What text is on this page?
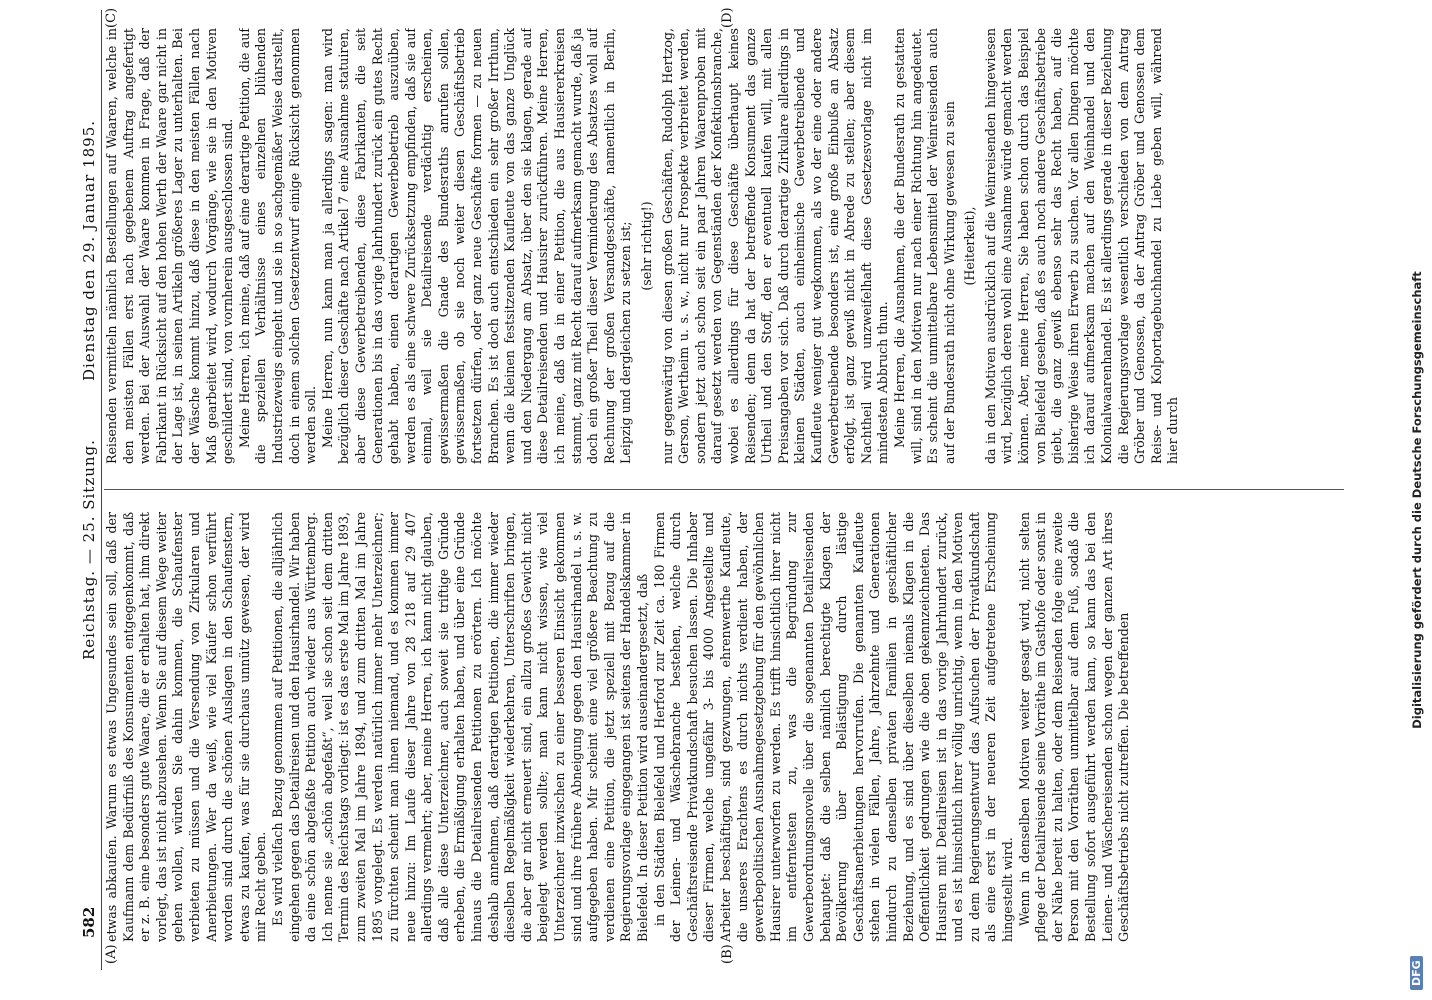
582
Reichstag. — 25. Sitzung.
Dienstag den 29. Januar 1895.
(A)	(B)
(C)	(D)

etwas abkaufen. Warum es etwas Ungesundes sein soll, daß der Kaufmann dem Bedürfniß des Konsumenten entgegenkommt, daß er z. B. eine besonders gute Waare, die er erhalten hat, ihm direkt vorlegt, das ist nicht abzusehen. Wenn Sie auf diesem Wege weiter gehen wollen, würden Sie dahin kommen, die Schaufenster verbieten zu müssen und die Versendung von Zirkularen und Anerbietungen. Wer da weiß, wie viel Käufer schon verführt worden sind durch die schönen Auslagen in den Schaufenstern, etwas zu kaufen, was für sie durchaus unnütz gewesen, der wird mir Recht geben. Es wird vielfach Bezug genommen auf Petitionen, die alljährlich eingehen gegen das Detailreisen und den Hausirhandel. Wir haben da eine schön abgefaßte Petition auch wieder aus Württemberg. Ich nenne sie „schön abgefaßt“, weil sie schon seit dem dritten Termin des Reichstags vorliegt: ist es das erste Mal im Jahre 1893, zum zweiten Mal im Jahre 1894, und zum dritten Mal im Jahre 1895 vorgelegt. Es werden natürlich immer mehr Unterzeichner; zu fürchten scheint man ihnen niemand, und es kommen immer neue hinzu: Im Laufe dieser Jahre von 28 218 auf 29 407 allerdings vermehrt; aber, meine Herren, ich kann nicht glauben, daß alle diese Unterzeichner, auch soweit sie triftige Gründe erheben, die Ermäßigung erhalten haben, und über eine Gründe hinaus die Detailreisenden Petitionen zu erörtern. Ich möchte deshalb annehmen, daß derartigen Petitionen, die immer wieder dieselben Regelmäßigkeit wiederkehren, Unterschriften bringen, die aber gar nicht erneuert sind, ein allzu großes Gewicht nicht beigelegt werden sollte; man kann nicht wissen, wie viel Unterzeichner inzwischen zu einer besseren Einsicht gekommen sind und ihre frühere Abneigung gegen den Hausirhandel u. s. w. aufgegeben haben. Mir scheint eine viel größere Beachtung zu verdienen eine Petition, die jetzt speziell mit Bezug auf die Regierungsvorlage eingegangen ist seitens der Handelskammer in Bielefeld. In dieser Petition wird auseinandergesetzt, daß in den Städten Bielefeld und Herford zur Zeit ca. 180 Firmen der Leinen- und Wäschebranche bestehen, welche durch Geschäftsreisende Privatkundschaft besuchen lassen. Die Inhaber dieser Firmen, welche ungefähr 3- bis 4000 Angestellte und Arbeiter beschäftigen, sind gezwungen, ehrenwerthe Kaufleute, die unseres Erachtens es durch nichts verdient haben, der gewerbepolitischen Ausnahmegesetzgebung für den gewöhnlichen Hausirer unterworfen zu werden. Es trifft hinsichtlich ihrer nicht im entferntesten zu, was die Begründung zur Gewerbeordnungsnovelle über die sogenannten Detailreisenden behauptet: daß die selben nämlich berechtigte Klagen der Bevölkerung über Belästigung durch lästige Geschäftsanerbietungen hervorrufen. Die genannten Kaufleute stehen in vielen Fällen, Jahre, Jahrzehnte und Generationen hindurch zu denselben privaten Familien in geschäftlicher Beziehung, und es sind über dieselben niemals Klagen in die Oeffentlichkeit gedrungen wie die oben gekennzeichneten. Das Hausiren mit Detailreisen ist in das vorige Jahrhundert zurück, und es ist hinsichtlich ihrer völlig unrichtig, wenn in den Motiven zu dem Regierungsentwurf das Aufsuchen der Privatkundschaft als eine erst in der neueren Zeit aufgetretene Erscheinung hingestellt wird. Wenn in denselben Motiven weiter gesagt wird, nicht selten pflege der Detailreisende seine Vorräthe im Gasthofe oder sonst in der Nähe bereit zu halten, oder dem Reisenden folge eine zweite Person mit den Vorräthen unmittelbar auf dem Fuß, sodaß die Bestellung sofort ausgeführt werden kann, so kann das bei den Leinen- und Wäschereisenden schon wegen der ganzen Art ihres Geschäftsbetriebs nicht zutreffen. Die betreffenden

Reisenden vermitteln nämlich Bestellungen auf Waaren, welche in den meisten Fällen erst nach gegebenem Auftrag angefertigt werden. Bei der Auswahl der Waare kommen in Frage, daß der Fabrikant in Rücksicht auf den hohen Werth der Waare gar nicht in der Lage ist, in seinen Artikeln größeres Lager zu unterhalten. Bei der Wäsche kommt hinzu, daß diese in den meisten Fällen nach Maß gearbeitet wird, wodurch Vorgänge, wie sie in den Motiven geschildert sind, von vornherein ausgeschlossen sind. Meine Herren, ich meine, daß auf eine derartige Petition, die auf die speziellen Verhältnisse eines einzelnen blühenden Industriezweigs eingeht und sie in so sachgemäßer Weise darstellt, doch in einem solchen Gesetzentwurf einige Rücksicht genommen werden soll. Meine Herren, nun kann man ja allerdings sagen: man wird bezüglich dieser Geschäfte nach Artikel 7 eine Ausnahme statuiren, aber diese Gewerbetreibenden, diese Fabrikanten, die seit Generationen bis in das vorige Jahrhundert zurück ein gutes Recht gehabt haben, einen derartigen Gewerbebetrieb auszuüben, werden es als eine schwere Zurücksetzung empfinden, daß sie auf einmal, weil sie Detailreisende verdächtig erscheinen, gewissermaßen die Gnade des Bundesraths anrufen sollen, gewissermaßen, ob sie noch weiter diesen Geschäftsbetrieb fortsetzen dürfen, oder ganz neue Geschäfte formen — zu neuen Branchen. Es ist doch auch entschieden ein sehr großer Irrthum, wenn die kleinen festsitzenden Kaufleute von das ganze Unglück und den Niedergang am Absatz, über den sie klagen, gerade auf diese Detailreisenden und Hausirer zurückführen. Meine Herren, ich meine, daß da in einer Petition, die aus Hausiererkreisen stammt, ganz mit Recht darauf aufmerksam gemacht wurde, daß ja doch ein großer Theil dieser Verminderung des Absatzes wohl auf Rechnung der großen Versandgeschäfte, namentlich in Berlin, Leipzig und dergleichen zu setzen ist; (sehr richtig!) nur gegenwärtig von diesen großen Geschäften, Rudolph Hertzog, Gerson, Wertheim u. s. w., nicht nur Prospekte verbreitet werden, sondern jetzt auch schon seit ein paar Jahren Waarenproben mit darauf gesetzt werden von Gegenständen der Konfektionsbranche, wobei es allerdings für diese Geschäfte überhaupt keines Reisenden; denn da hat der betreffende Konsument das ganze Urtheil und den Stoff, den er eventuell kaufen will, mit allen Preisangaben vor sich. Daß durch derartige Zirkulare allerdings in kleinen Städten, auch einheimische Gewerbetreibende und Kaufleute weniger gut wegkommen, als wo der eine oder andere Gewerbetreibende besonders ist, eine große Einbuße an Absatz erfolgt, ist ganz gewiß nicht in Abrede zu stellen; aber diesem Nachtheil wird unzweifelhaft diese Gesetzesvorlage nicht im mindesten Abbruch thun. Meine Herren, die Ausnahmen, die der Bundesrath zu gestatten will, sind in den Motiven nur nach einer Richtung hin angedeutet. Es scheint die unmittelbare Lebensmittel der Weinreisenden auch auf der Bundesrath nicht ohne Wirkung gewesen zu sein (Heiterkeit), da in den Motiven ausdrücklich auf die Weinreisenden hingewiesen wird, bezüglich deren wohl eine Ausnahme würde gemacht werden können. Aber, meine Herren, Sie haben schon durch das Beispiel von Bielefeld gesehen, daß es auch noch andere Geschäftsbetriebe giebt, die ganz gewiß ebenso sehr das Recht haben, auf die bisherige Weise ihren Erwerb zu suchen. Vor allen Dingen möchte ich darauf aufmerksam machen auf den Weinhandel und den Kolonialwaarenhandel. Es ist allerdings gerade in dieser Beziehung die Regierungsvorlage wesentlich verschieden von dem Antrag Gröber und Genossen, da der Antrag Gröber und Genossen dem Reise- und Kolportagebuchhandel zu Liebe geben will, während hier durch	Digitalisierung gefördert durch die Deutsche Forschungsgemeinschaft
DFG
